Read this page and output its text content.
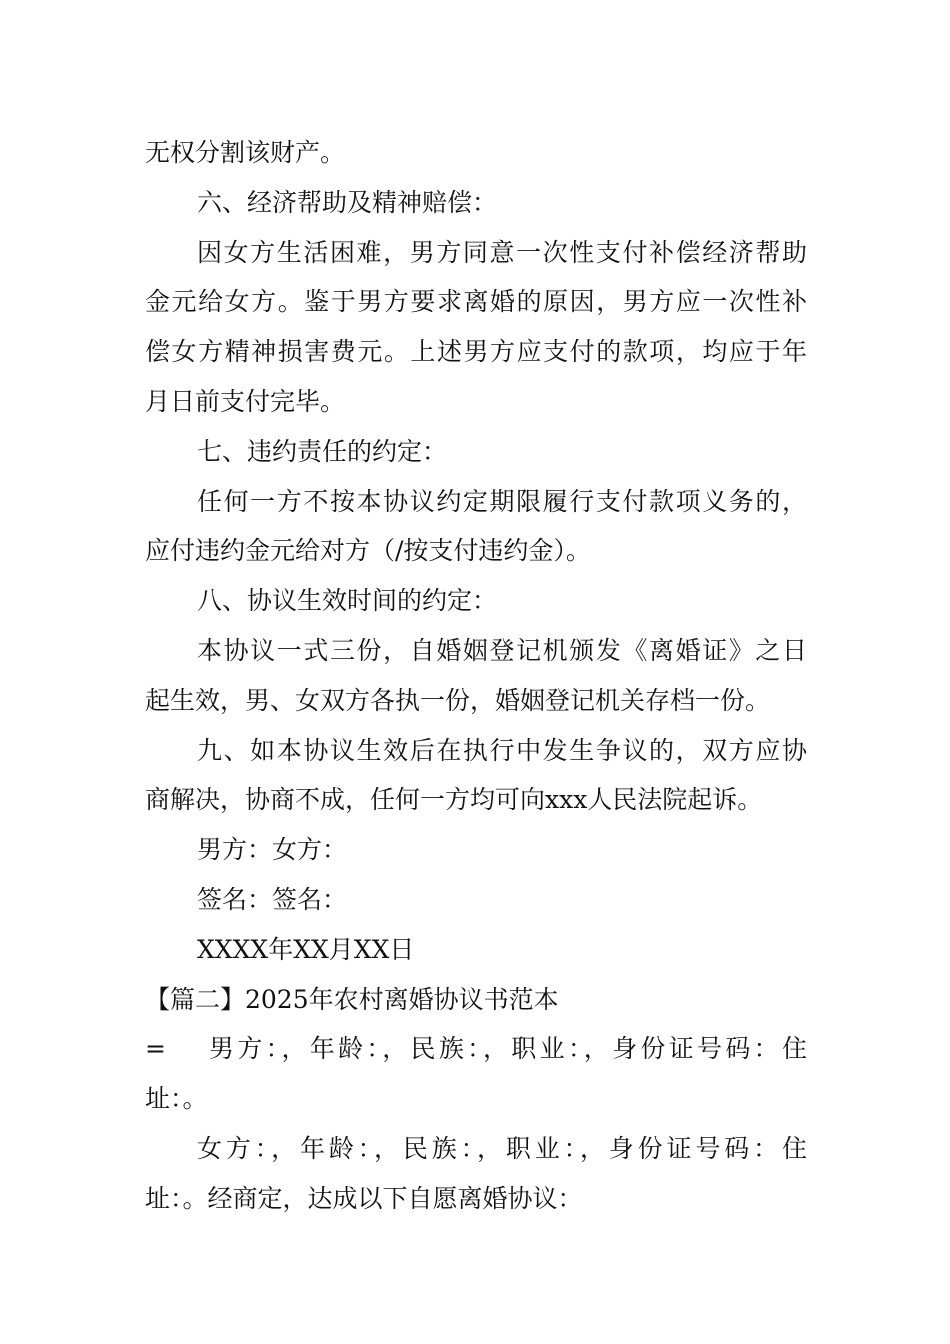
无权分割该财产。
六、经济帮助及精神赔偿：
因女方生活困难，男方同意一次性支付补偿经济帮助
金元给女方。鉴于男方要求离婚的原因，男方应一次性补
偿女方精神损害费元。上述男方应支付的款项，均应于年
月日前支付完毕。
七、违约责任的约定：
任何一方不按本协议约定期限履行支付款项义务的，
应付违约金元给对方（/按支付违约金）。
八、协议生效时间的约定：
本协议一式三份，自婚姻登记机颁发《离婚证》之日
起生效，男、女双方各执一份，婚姻登记机关存档一份。
九、如本协议生效后在执行中发生争议的，双方应协
商解决，协商不成，任何一方均可向xxx人民法院起诉。
男方：女方：
签名：签名：
XXXX年XX月XX日
【篇二】2025年农村离婚协议书范本
=	男方：，年龄：，民族：，职业：，身份证号码：住
址：。
女方：，年龄：，民族：，职业：，身份证号码：住
址：。经商定，达成以下自愿离婚协议：
